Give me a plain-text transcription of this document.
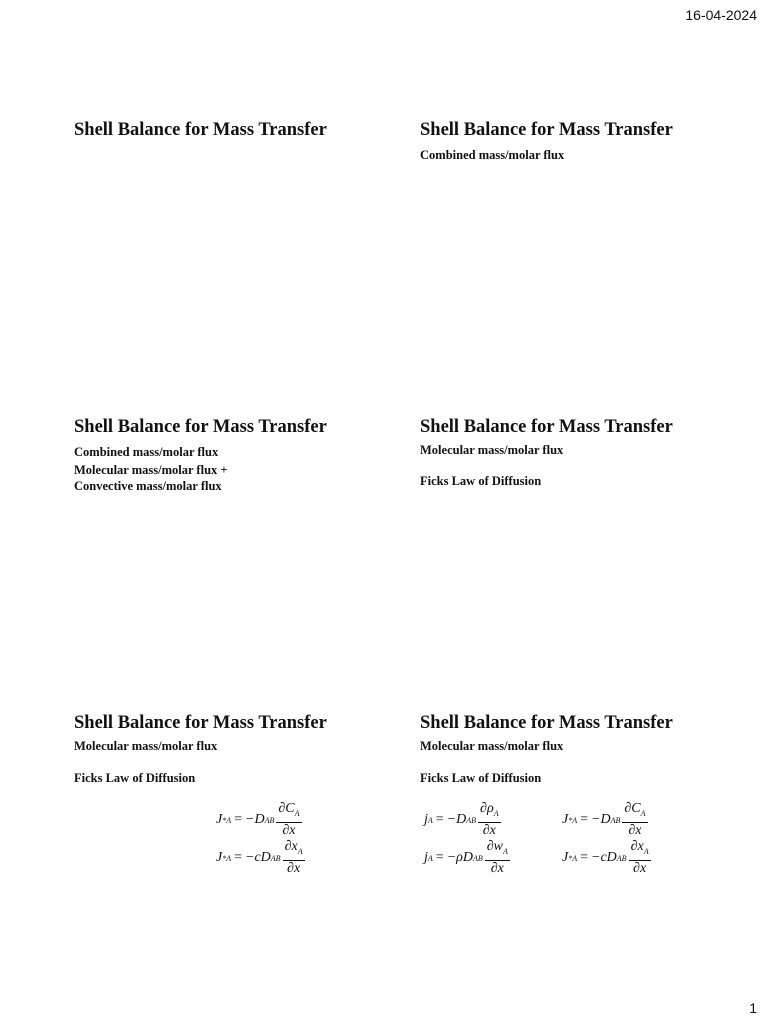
16-04-2024
Shell Balance for Mass Transfer	Shell Balance for Mass Transfer
Combined mass/molar flux
Shell Balance for Mass Transfer
Combined mass/molar flux
Molecular mass/molar flux +
Convective mass/molar flux
Shell Balance for Mass Transfer
Molecular mass/molar flux
Ficks Law of Diffusion
Shell Balance for Mass Transfer
Molecular mass/molar flux
Ficks Law of Diffusion
J * A = −D AB $\frac{\partial C_A}{\partial x}$
J * A = −cD AB $\frac{\partial x_A}{\partial x}$
Shell Balance for Mass Transfer
Molecular mass/molar flux
Ficks Law of Diffusion
j A = −D AB $\frac{\partial\rho_A}{\partial x}$
j A = −ρD AB $\frac{\partial w_A}{\partial x}$
J * A = −D AB $\frac{\partial C_A}{\partial x}$
J * A = −cD AB $\frac{\partial x_A}{\partial x}$
1
